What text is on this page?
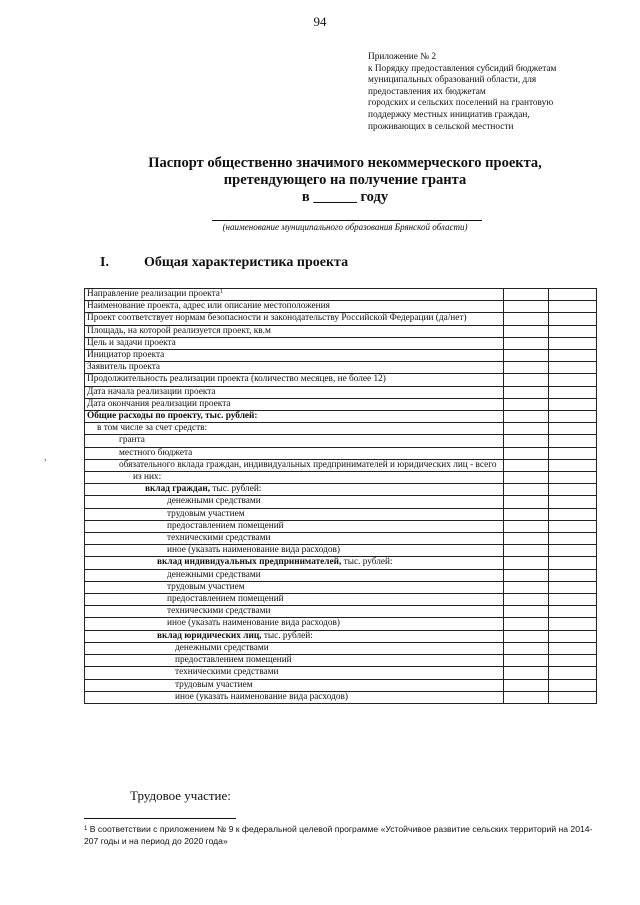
94
Приложение № 2
к Порядку предоставления субсидий бюджетам
муниципальных образований области, для
предоставления их бюджетам
городских и сельских поселений на грантовую
поддержку местных инициатив граждан,
проживающих в сельской местности
Паспорт общественно значимого некоммерческого проекта,
претендующего на получение гранта
в ______ году
(наименование муниципального образования Брянской области)
I.	Общая характеристика проекта
Направление реализации проекта$^1$		
Наименование проекта, адрес или описание местоположения		
Проект соответствует нормам безопасности и законодательству Российской Федерации (да/нет)		
Площадь, на которой реализуется проект, кв.м		
Цель и задачи проекта		
Инициатор проекта		
Заявитель проекта		
Продолжительность реализации проекта (количество месяцев, не более 12)		
Дата начала реализации проекта		
Дата окончания реализации проекта		
Общие расходы по проекту, тыс. рублей:		
в том числе за счет средств:		
гранта		
местного бюджета		
обязательного вклада граждан, индивидуальных предпринимателей и юридических лиц - всего		
из них:		
вклад граждан, тыс. рублей:		
денежными средствами		
трудовым участием		
предоставлением помещений		
техническими средствами		
иное (указать наименование вида расходов)		
вклад индивидуальных предпринимателей, тыс. рублей:		
денежными средствами		
трудовым участием		
предоставлением помещений		
техническими средствами		
иное (указать наименование вида расходов)		
вклад юридических лиц, тыс. рублей:		
денежными средствами		
предоставлением помещений		
техническими средствами		
трудовым участием		
иное (указать наименование вида расходов)		
,
Трудовое участие:
$^1$ В соответствии с приложением № 9 к федеральной целевой программе «Устойчивое развитие сельских территорий на 2014-207 годы и на период до 2020 года»
